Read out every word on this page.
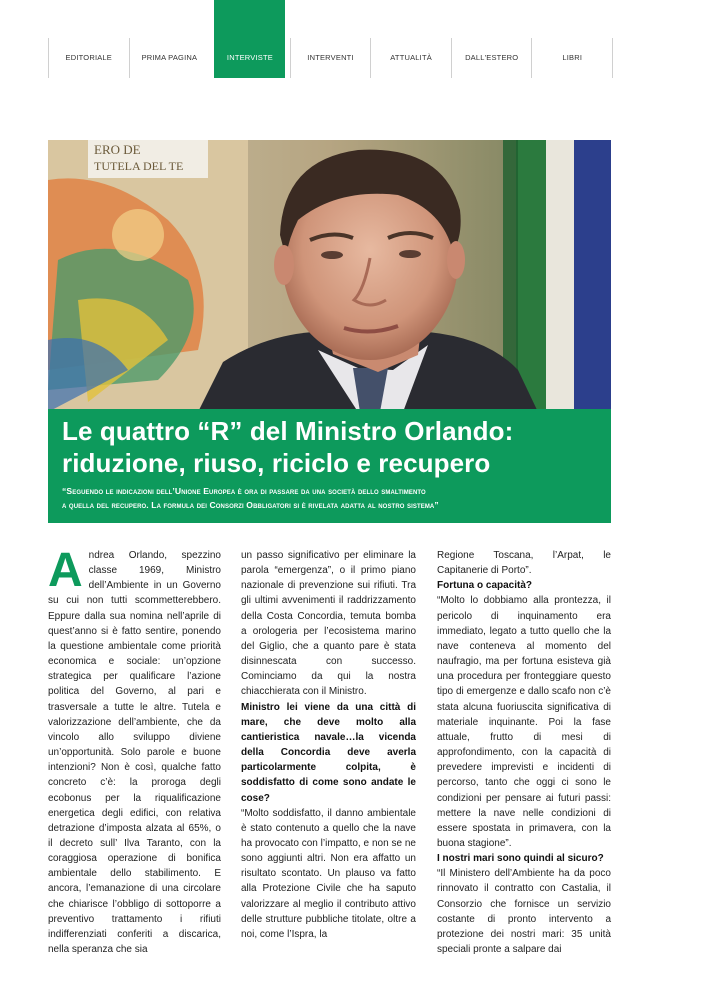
EDITORIALE	PRIMA PAGINA	INTERVISTE	INTERVENTI	ATTUALITÀ	DALL'ESTERO	LIBRI
ERO DE
TUTELA DEL TE
Le quattro “R” del Ministro Orlando:
riduzione, riuso, riciclo e recupero

“Seguendo le indicazioni dell’Unione Europea è ora di passare da una società dello smaltimento
a quella del recupero. La formula dei Consorzi Obbligatori si è rivelata adatta al nostro sistema”

Andrea Orlando, spezzino classe 1969, Ministro dell’Ambiente in un Governo su cui non tutti scommetterebbero. Eppure dalla sua nomina nell’aprile di quest’anno si è fatto sentire, ponendo la questione ambientale come priorità economica e sociale: un’opzione strategica per qualificare l’azione politica del Governo, al pari e trasversale a tutte le altre. Tutela e valorizzazione dell’ambiente, che da vincolo allo sviluppo diviene un’opportunità. Solo parole e buone intenzioni? Non è così, qualche fatto concreto c’è: la proroga degli ecobonus per la riqualificazione energetica degli edifici, con relativa detrazione d’imposta alzata al 65%, o il decreto sull’ Ilva Taranto, con la coraggiosa operazione di bonifica ambientale dello stabilimento. E ancora, l’emanazione di una circolare che chiarisce l’obbligo di sottoporre a preventivo trattamento i rifiuti indifferenziati conferiti a discarica, nella speranza che sia

un passo significativo per eliminare la parola “emergenza”, o il primo piano nazionale di prevenzione sui rifiuti. Tra gli ultimi avvenimenti il raddrizzamento della Costa Concordia, temuta bomba a orologeria per l’ecosistema marino del Giglio, che a quanto pare è stata disinnescata con successo. Cominciamo da qui la nostra chiacchierata con il Ministro.

Ministro lei viene da una città di mare, che deve molto alla cantieristica navale…la vicenda della Concordia deve averla particolarmente colpita, è soddisfatto di come sono andate le cose?

“Molto soddisfatto, il danno ambientale è stato contenuto a quello che la nave ha provocato con l’impatto, e non se ne sono aggiunti altri. Non era affatto un risultato scontato. Un plauso va fatto alla Protezione Civile che ha saputo valorizzare al meglio il contributo attivo delle strutture pubbliche titolate, oltre a noi, come l’Ispra, la

Regione Toscana, l’Arpat, le Capitanerie di Porto”.

Fortuna o capacità?

“Molto lo dobbiamo alla prontezza, il pericolo di inquinamento era immediato, legato a tutto quello che la nave conteneva al momento del naufragio, ma per fortuna esisteva già una procedura per fronteggiare questo tipo di emergenze e dallo scafo non c’è stata alcuna fuoriuscita significativa di materiale inquinante. Poi la fase attuale, frutto di mesi di approfondimento, con la capacità di prevedere imprevisti e incidenti di percorso, tanto che oggi ci sono le condizioni per pensare ai futuri passi: mettere la nave nelle condizioni di essere spostata in primavera, con la buona stagione”.

I nostri mari sono quindi al sicuro?

“Il Ministero dell’Ambiente ha da poco rinnovato il contratto con Castalia, il Consorzio che fornisce un servizio costante di pronto intervento a protezione dei nostri mari: 35 unità speciali pronte a salpare dai
